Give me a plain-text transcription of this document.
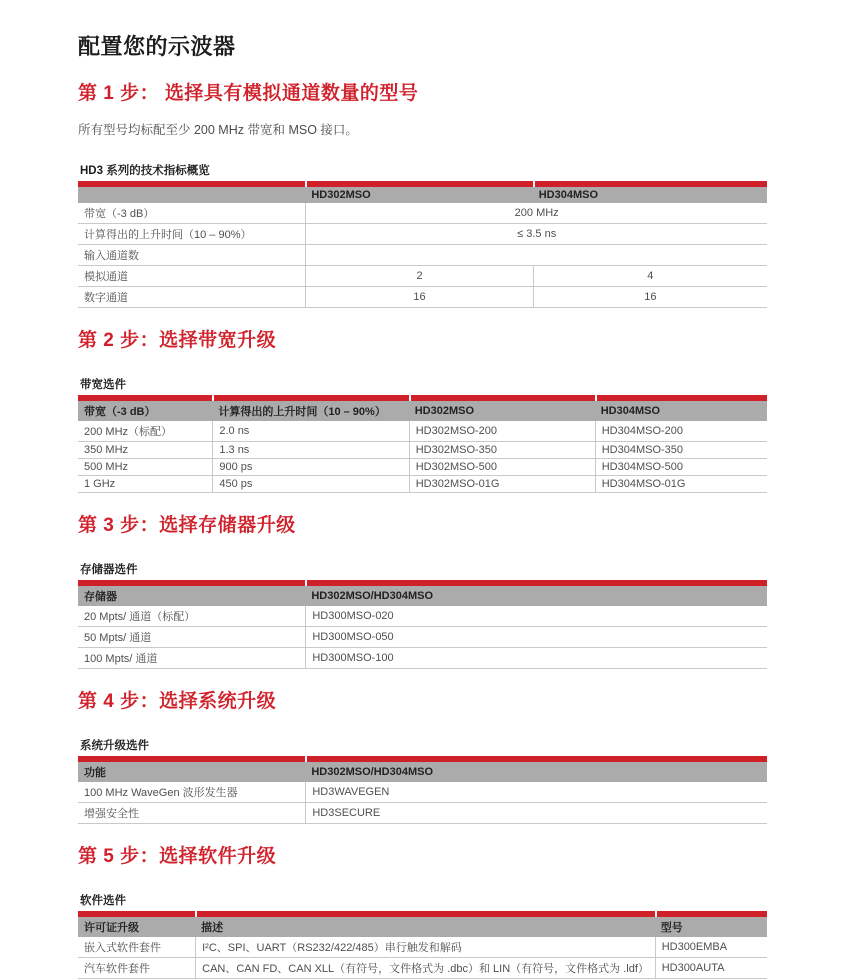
配置您的示波器
第 1 步： 选择具有模拟通道数量的型号

所有型号均标配至少 200 MHz 带宽和 MSO 接口。

HD3 系列的技术指标概览

	HD302MSO	HD304MSO
带宽（-3 dB）	200 MHz	
计算得出的上升时间（10 – 90%）	≤ 3.5 ns	
输入通道数		
模拟通道	2	4
数字通道	16	16
第 2 步：选择带宽升级
带宽选件

带宽（-3 dB）	计算得出的上升时间（10 – 90%）	HD302MSO	HD304MSO
200 MHz（标配）	2.0 ns	HD302MSO-200	HD304MSO-200
350 MHz	1.3 ns	HD302MSO-350	HD304MSO-350
500 MHz	900 ps	HD302MSO-500	HD304MSO-500
1 GHz	450 ps	HD302MSO-01G	HD304MSO-01G
第 3 步：选择存储器升级
存储器选件

存储器	HD302MSO/HD304MSO
20 Mpts/ 通道（标配）	HD300MSO-020
50 Mpts/ 通道	HD300MSO-050
100 Mpts/ 通道	HD300MSO-100
第 4 步：选择系统升级
系统升级选件

功能	HD302MSO/HD304MSO
100 MHz WaveGen 波形发生器	HD3WAVEGEN
增强安全性	HD3SECURE
第 5 步：选择软件升级
软件选件

许可证升级	描述	型号
嵌入式软件套件	I²C、SPI、UART（RS232/422/485）串行触发和解码	HD300EMBA
汽车软件套件	CAN、CAN FD、CAN XLL（有符号，文件格式为 .dbc）和 LIN（有符号，文件格式为 .ldf）	HD300AUTA
